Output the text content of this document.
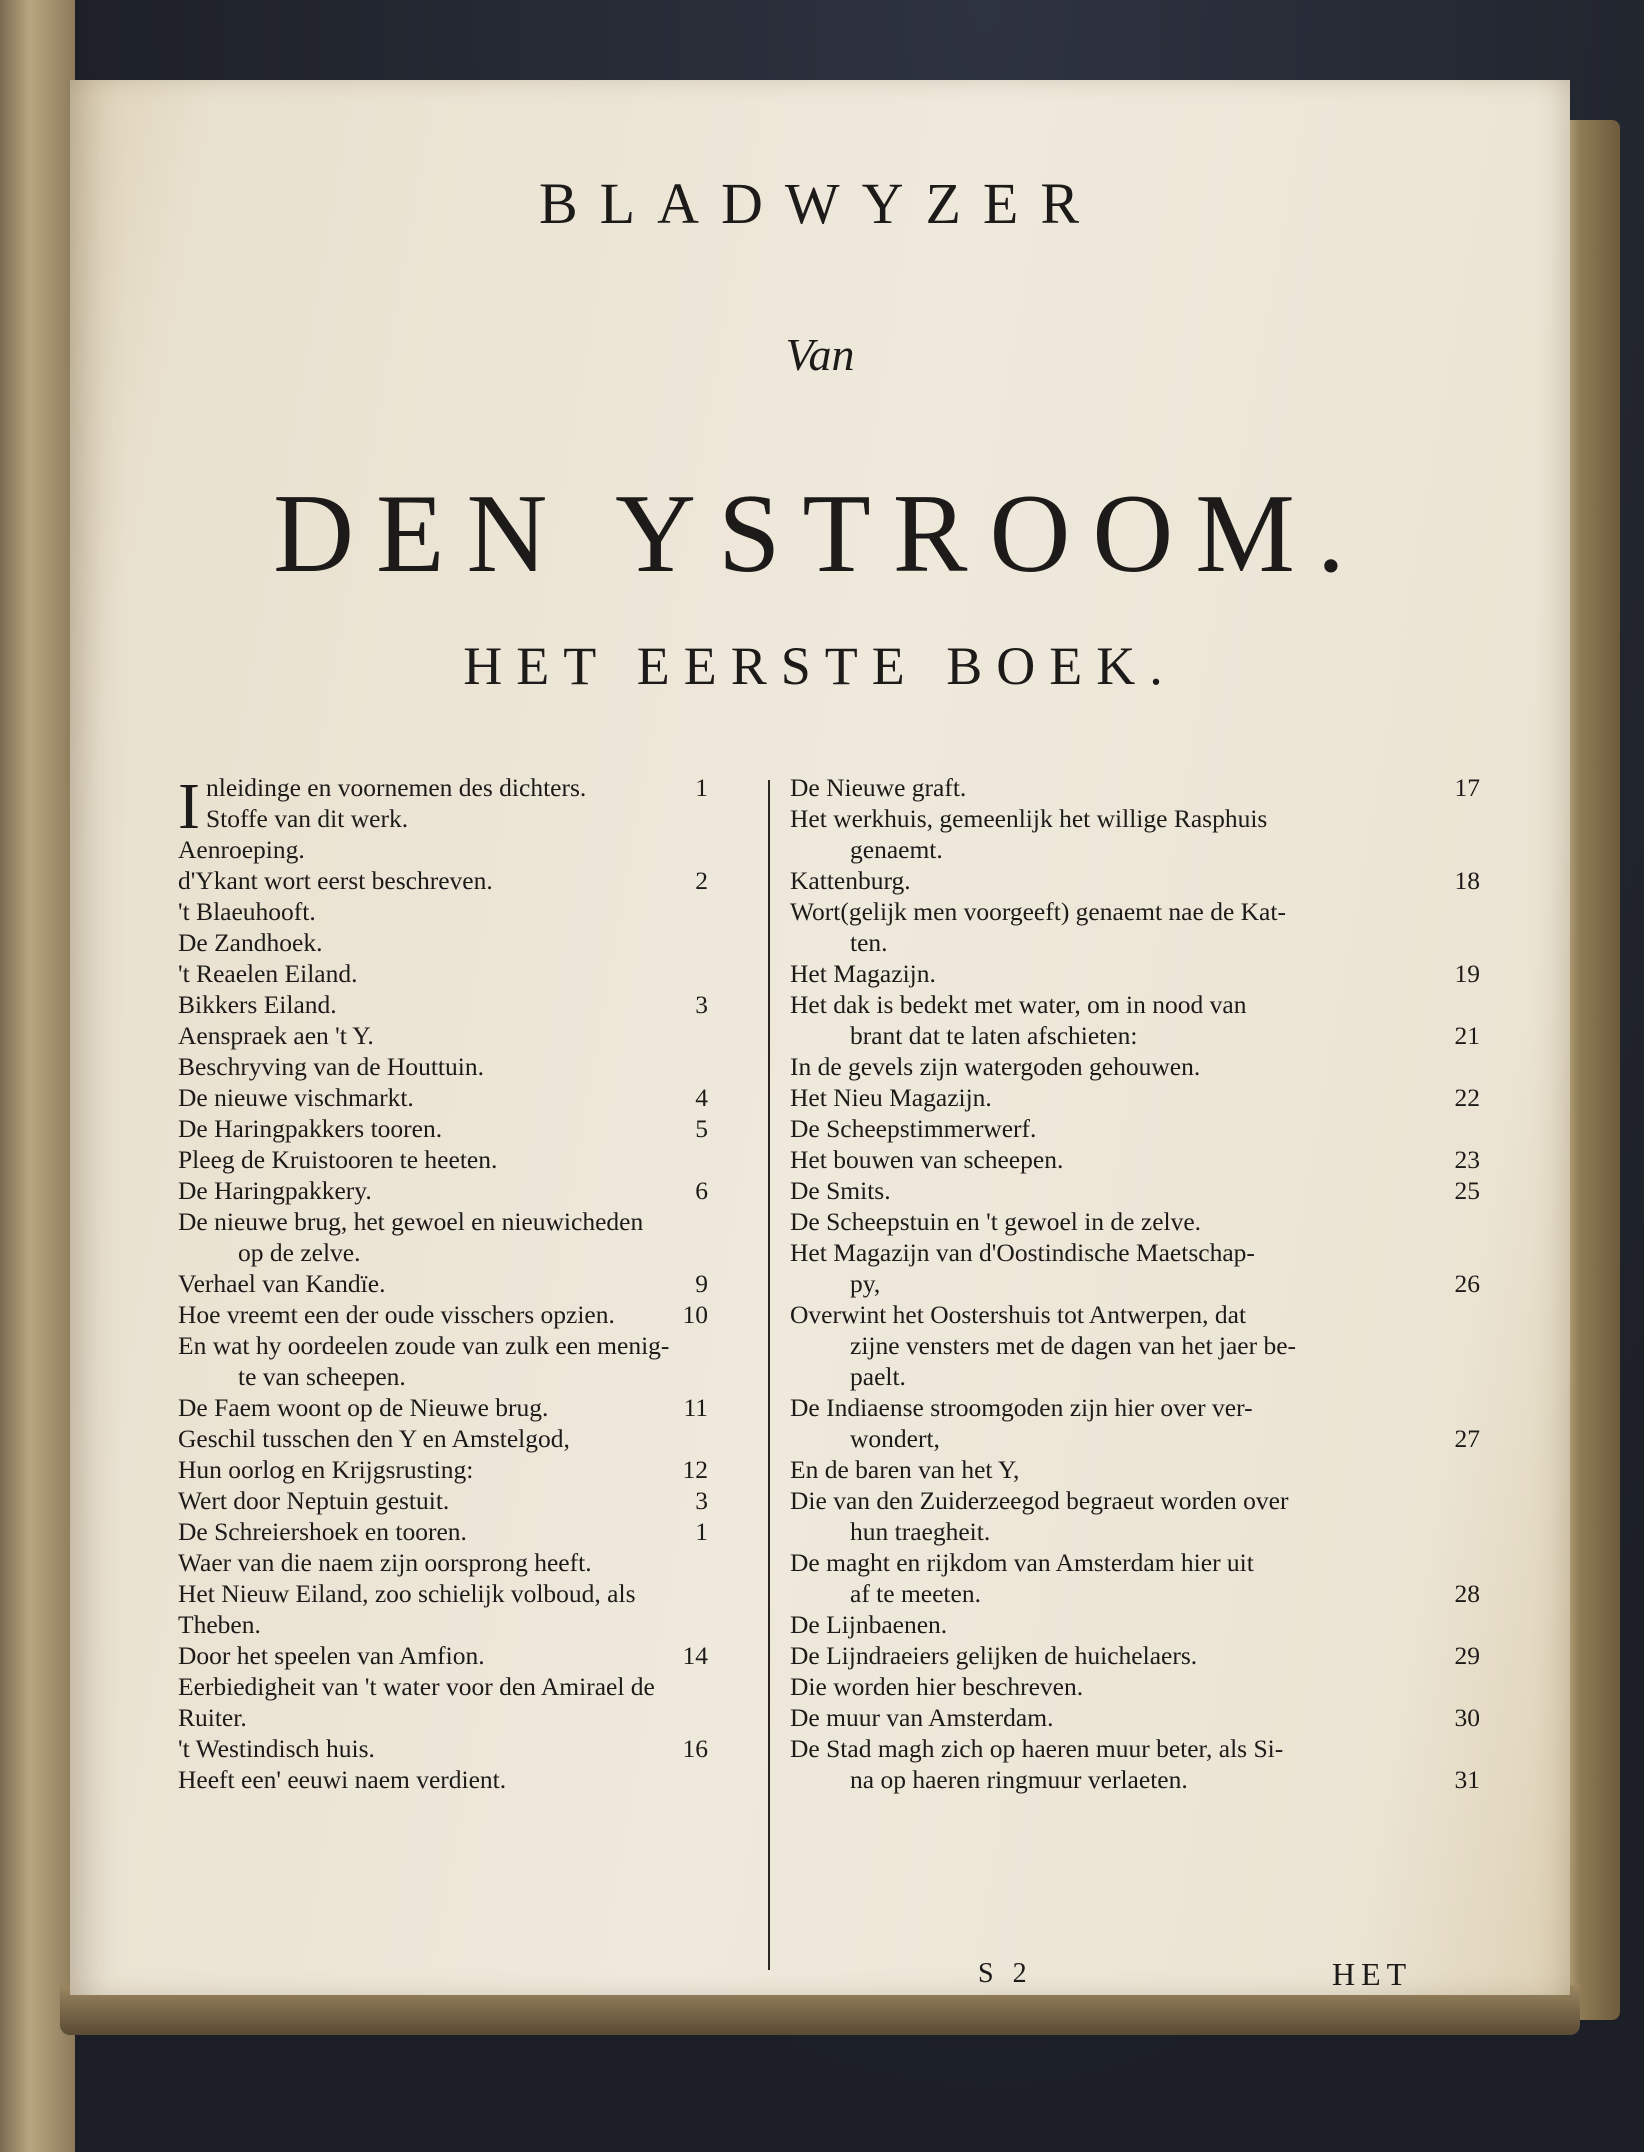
BLADWYZER
Van
DEN YSTROOM.
HET EERSTE BOEK.
I nleidinge en voornemen des dichters.	1
Stoffe van dit werk.
Aenroeping.
d'Ykant wort eerst beschreven.	2
't Blaeuhooft.
De Zandhoek.
't Reaelen Eiland.
Bikkers Eiland.	3
Aenspraek aen 't Y.
Beschryving van de Houttuin.
De nieuwe vischmarkt.	4
De Haringpakkers tooren.	5
Pleeg de Kruistooren te heeten.
De Haringpakkery.	6
De nieuwe brug, het gewoel en nieuwicheden
op de zelve.
Verhael van Kandïe.	9
Hoe vreemt een der oude visschers opzien.	10
En wat hy oordeelen zoude van zulk een menig-
te van scheepen.
De Faem woont op de Nieuwe brug.	11
Geschil tusschen den Y en Amstelgod,
Hun oorlog en Krijgsrusting:	12
Wert door Neptuin gestuit.	3
De Schreiershoek en tooren.	1
Waer van die naem zijn oorsprong heeft.
Het Nieuw Eiland, zoo schielijk volboud, als
Theben.
Door het speelen van Amfion.	14
Eerbiedigheit van 't water voor den Amirael de
Ruiter.
't Westindisch huis.	16
Heeft een' eeuwi naem verdient.
De Nieuwe graft.	17
Het werkhuis, gemeenlijk het willige Rasphuis
genaemt.
Kattenburg.	18
Wort(gelijk men voorgeeft) genaemt nae de Kat-
ten.
Het Magazijn.	19
Het dak is bedekt met water, om in nood van
brant dat te laten afschieten:	21
In de gevels zijn watergoden gehouwen.
Het Nieu Magazijn.	22
De Scheepstimmerwerf.
Het bouwen van scheepen.	23
De Smits.	25
De Scheepstuin en 't gewoel in de zelve.
Het Magazijn van d'Oostindische Maetschap-
py,	26
Overwint het Oostershuis tot Antwerpen, dat
zijne vensters met de dagen van het jaer be-
paelt.
De Indiaense stroomgoden zijn hier over ver-
wondert,	27
En de baren van het Y,
Die van den Zuiderzeegod begraeut worden over
hun traegheit.
De maght en rijkdom van Amsterdam hier uit
af te meeten.	28
De Lijnbaenen.
De Lijndraeiers gelijken de huichelaers.	29
Die worden hier beschreven.
De muur van Amsterdam.	30
De Stad magh zich op haeren muur beter, als Si-
na op haeren ringmuur verlaeten.	31
S 2	HET
